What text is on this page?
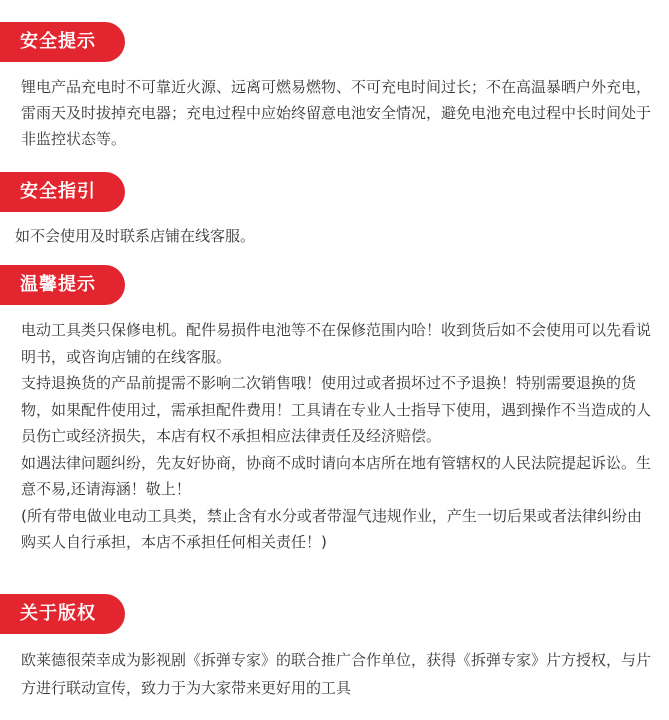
安全提示

锂电产品充电时不可靠近火源、远离可燃易燃物、不可充电时间过长；不在高温暴晒户外充电，雷雨天及时拔掉充电器；充电过程中应始终留意电池安全情况，避免电池充电过程中长时间处于非监控状态等。

安全指引

如不会使用及时联系店铺在线客服。

温馨提示

电动工具类只保修电机。配件易损件电池等不在保修范围内哈！收到货后如不会使用可以先看说明书，或咨询店铺的在线客服。

支持退换货的产品前提需不影响二次销售哦！使用过或者损坏过不予退换！特别需要退换的货物，如果配件使用过，需承担配件费用！工具请在专业人士指导下使用，遇到操作不当造成的人员伤亡或经济损失，本店有权不承担相应法律责任及经济赔偿。

如遇法律问题纠纷，先友好协商，协商不成时请向本店所在地有管辖权的人民法院提起诉讼。生意不易,还请海涵！敬上！

(所有带电做业电动工具类，禁止含有水分或者带湿气违规作业，产生一切后果或者法律纠纷由购买人自行承担，本店不承担任何相关责任！)

关于版权

欧莱德很荣幸成为影视剧《拆弹专家》的联合推广合作单位，获得《拆弹专家》片方授权，与片方进行联动宣传，致力于为大家带来更好用的工具
